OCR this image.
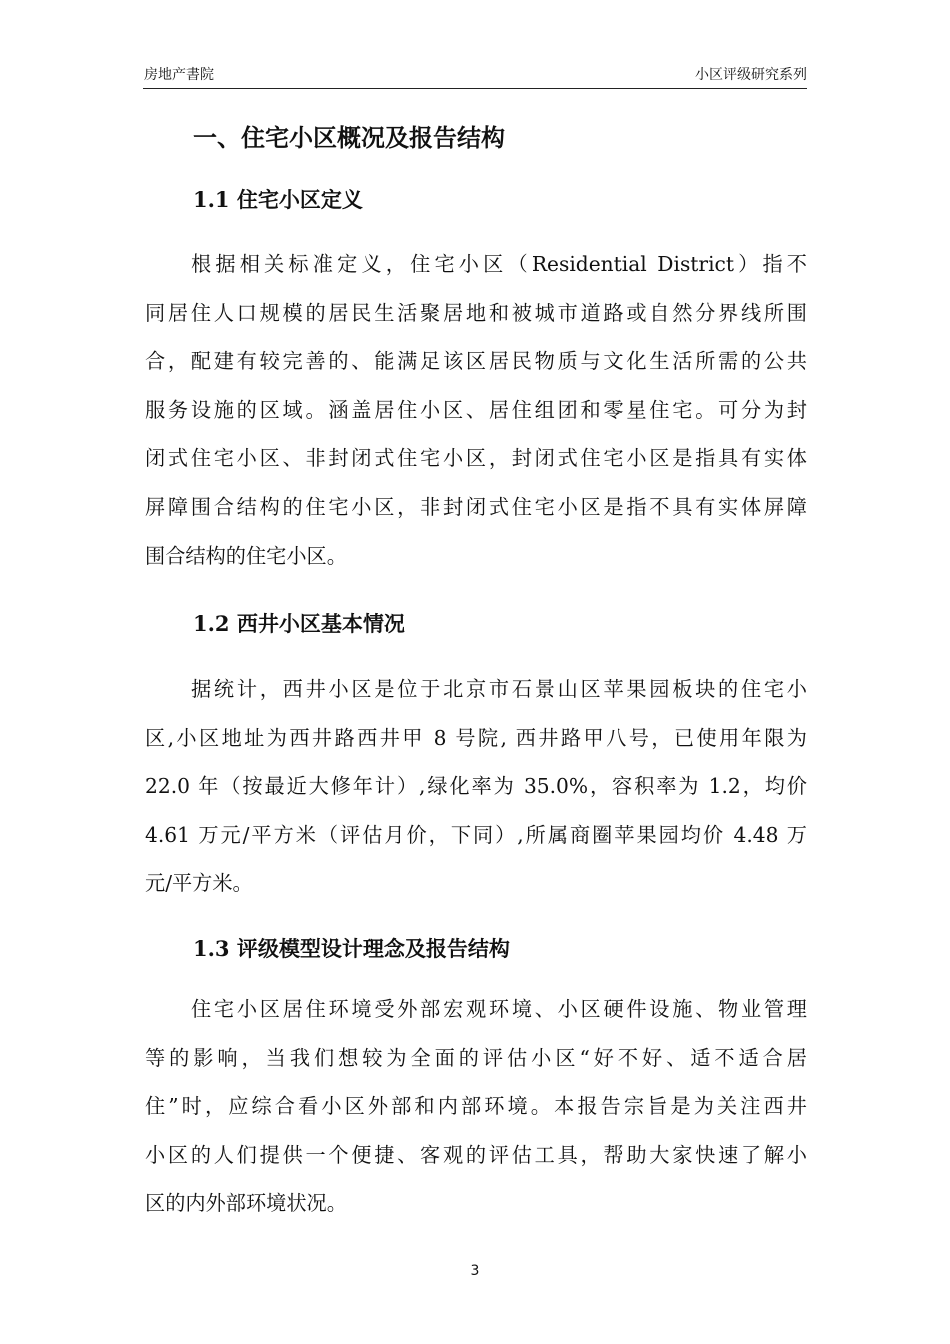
房地产書院	小区评级研究系列
一、住宅小区概况及报告结构
1.1 住宅小区定义
根据相关标准定义，住宅小区（Residential District）指不
同居住人口规模的居民生活聚居地和被城市道路或自然分界线所围
合，配建有较完善的、能满足该区居民物质与文化生活所需的公共
服务设施的区域。涵盖居住小区、居住组团和零星住宅。可分为封
闭式住宅小区、非封闭式住宅小区，封闭式住宅小区是指具有实体
屏障围合结构的住宅小区，非封闭式住宅小区是指不具有实体屏障
围合结构的住宅小区。
1.2 西井小区基本情况
据统计，西井小区是位于北京市石景山区苹果园板块的住宅小
区,小区地址为西井路西井甲 8 号院, 西井路甲八号，已使用年限为
22.0 年（按最近大修年计）,绿化率为 35.0%，容积率为 1.2，均价
4.61 万元/平方米（评估月价，下同）,所属商圈苹果园均价 4.48 万
元/平方米。
1.3 评级模型设计理念及报告结构
住宅小区居住环境受外部宏观环境、小区硬件设施、物业管理
等的影响，当我们想较为全面的评估小区“好不好、适不适合居
住”时，应综合看小区外部和内部环境。本报告宗旨是为关注西井
小区的人们提供一个便捷、客观的评估工具，帮助大家快速了解小
区的内外部环境状况。
3
